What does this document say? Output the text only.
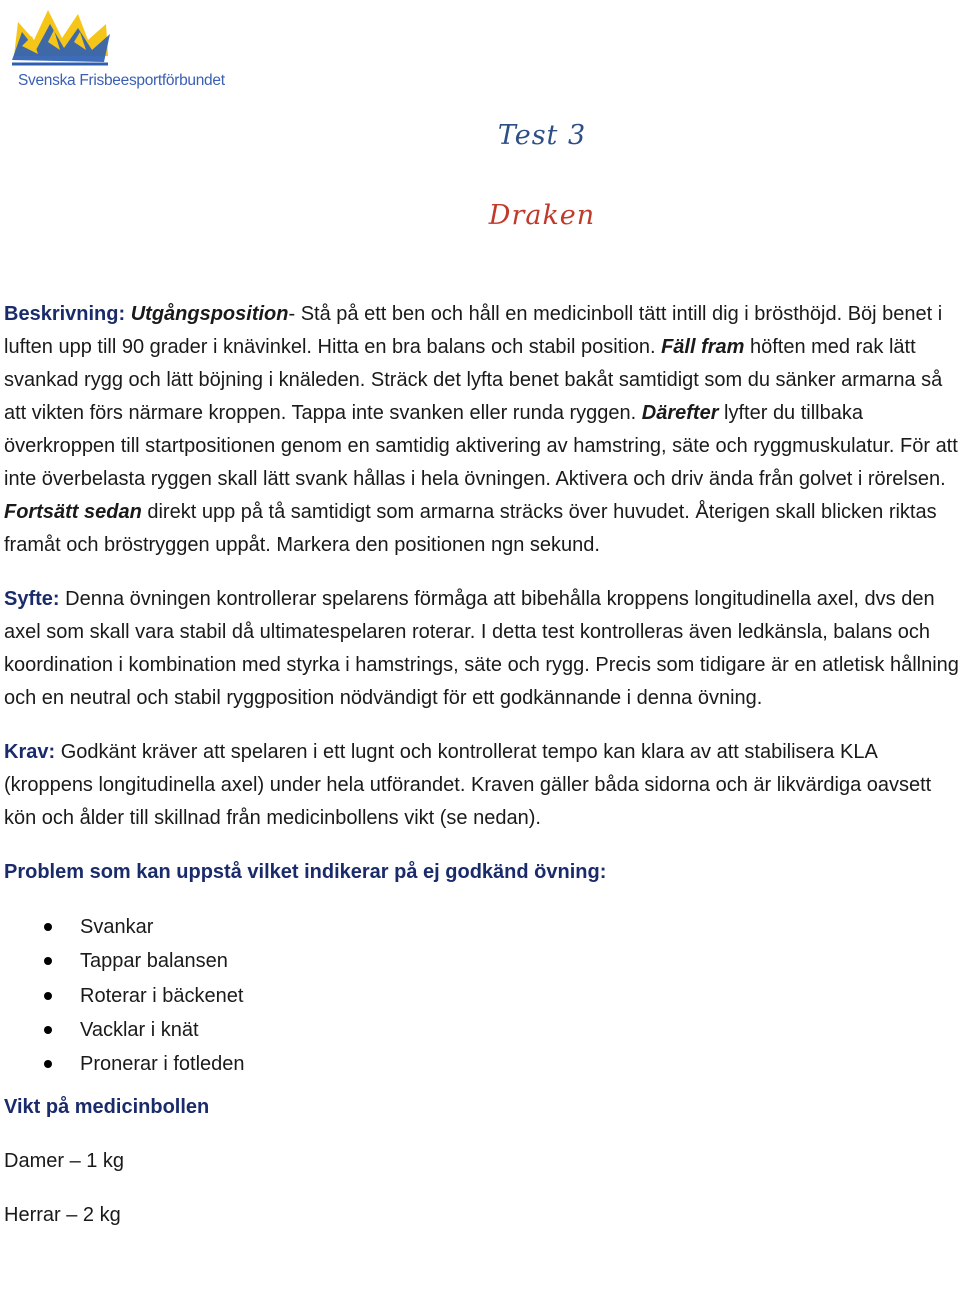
Svenska Frisbeesportförbundet
Test 3
Draken

Beskrivning: Utgångsposition- Stå på ett ben och håll en medicinboll tätt intill dig i brösthöjd. Böj benet i luften upp till 90 grader i knävinkel. Hitta en bra balans och stabil position. Fäll fram höften med rak lätt svankad rygg och lätt böjning i knäleden. Sträck det lyfta benet bakåt samtidigt som du sänker armarna så att vikten förs närmare kroppen. Tappa inte svanken eller runda ryggen. Därefter lyfter du tillbaka överkroppen till startpositionen genom en samtidig aktivering av hamstring, säte och ryggmuskulatur. För att inte överbelasta ryggen skall lätt svank hållas i hela övningen. Aktivera och driv ända från golvet i rörelsen. Fortsätt sedan direkt upp på tå samtidigt som armarna sträcks över huvudet. Återigen skall blicken riktas framåt och bröstryggen uppåt. Markera den positionen ngn sekund.

Syfte: Denna övningen kontrollerar spelarens förmåga att bibehålla kroppens longitudinella axel, dvs den axel som skall vara stabil då ultimatespelaren roterar. I detta test kontrolleras även ledkänsla, balans och koordination i kombination med styrka i hamstrings, säte och rygg. Precis som tidigare är en atletisk hållning och en neutral och stabil ryggposition nödvändigt för ett godkännande i denna övning.

Krav: Godkänt kräver att spelaren i ett lugnt och kontrollerat tempo kan klara av att stabilisera KLA (kroppens longitudinella axel) under hela utförandet. Kraven gäller båda sidorna och är likvärdiga oavsett kön och ålder till skillnad från medicinbollens vikt (se nedan).

Problem som kan uppstå vilket indikerar på ej godkänd övning:

Svankar
Tappar balansen
Roterar i bäckenet
Vacklar i knät
Pronerar i fotleden

Vikt på medicinbollen

Damer – 1 kg

Herrar – 2 kg
